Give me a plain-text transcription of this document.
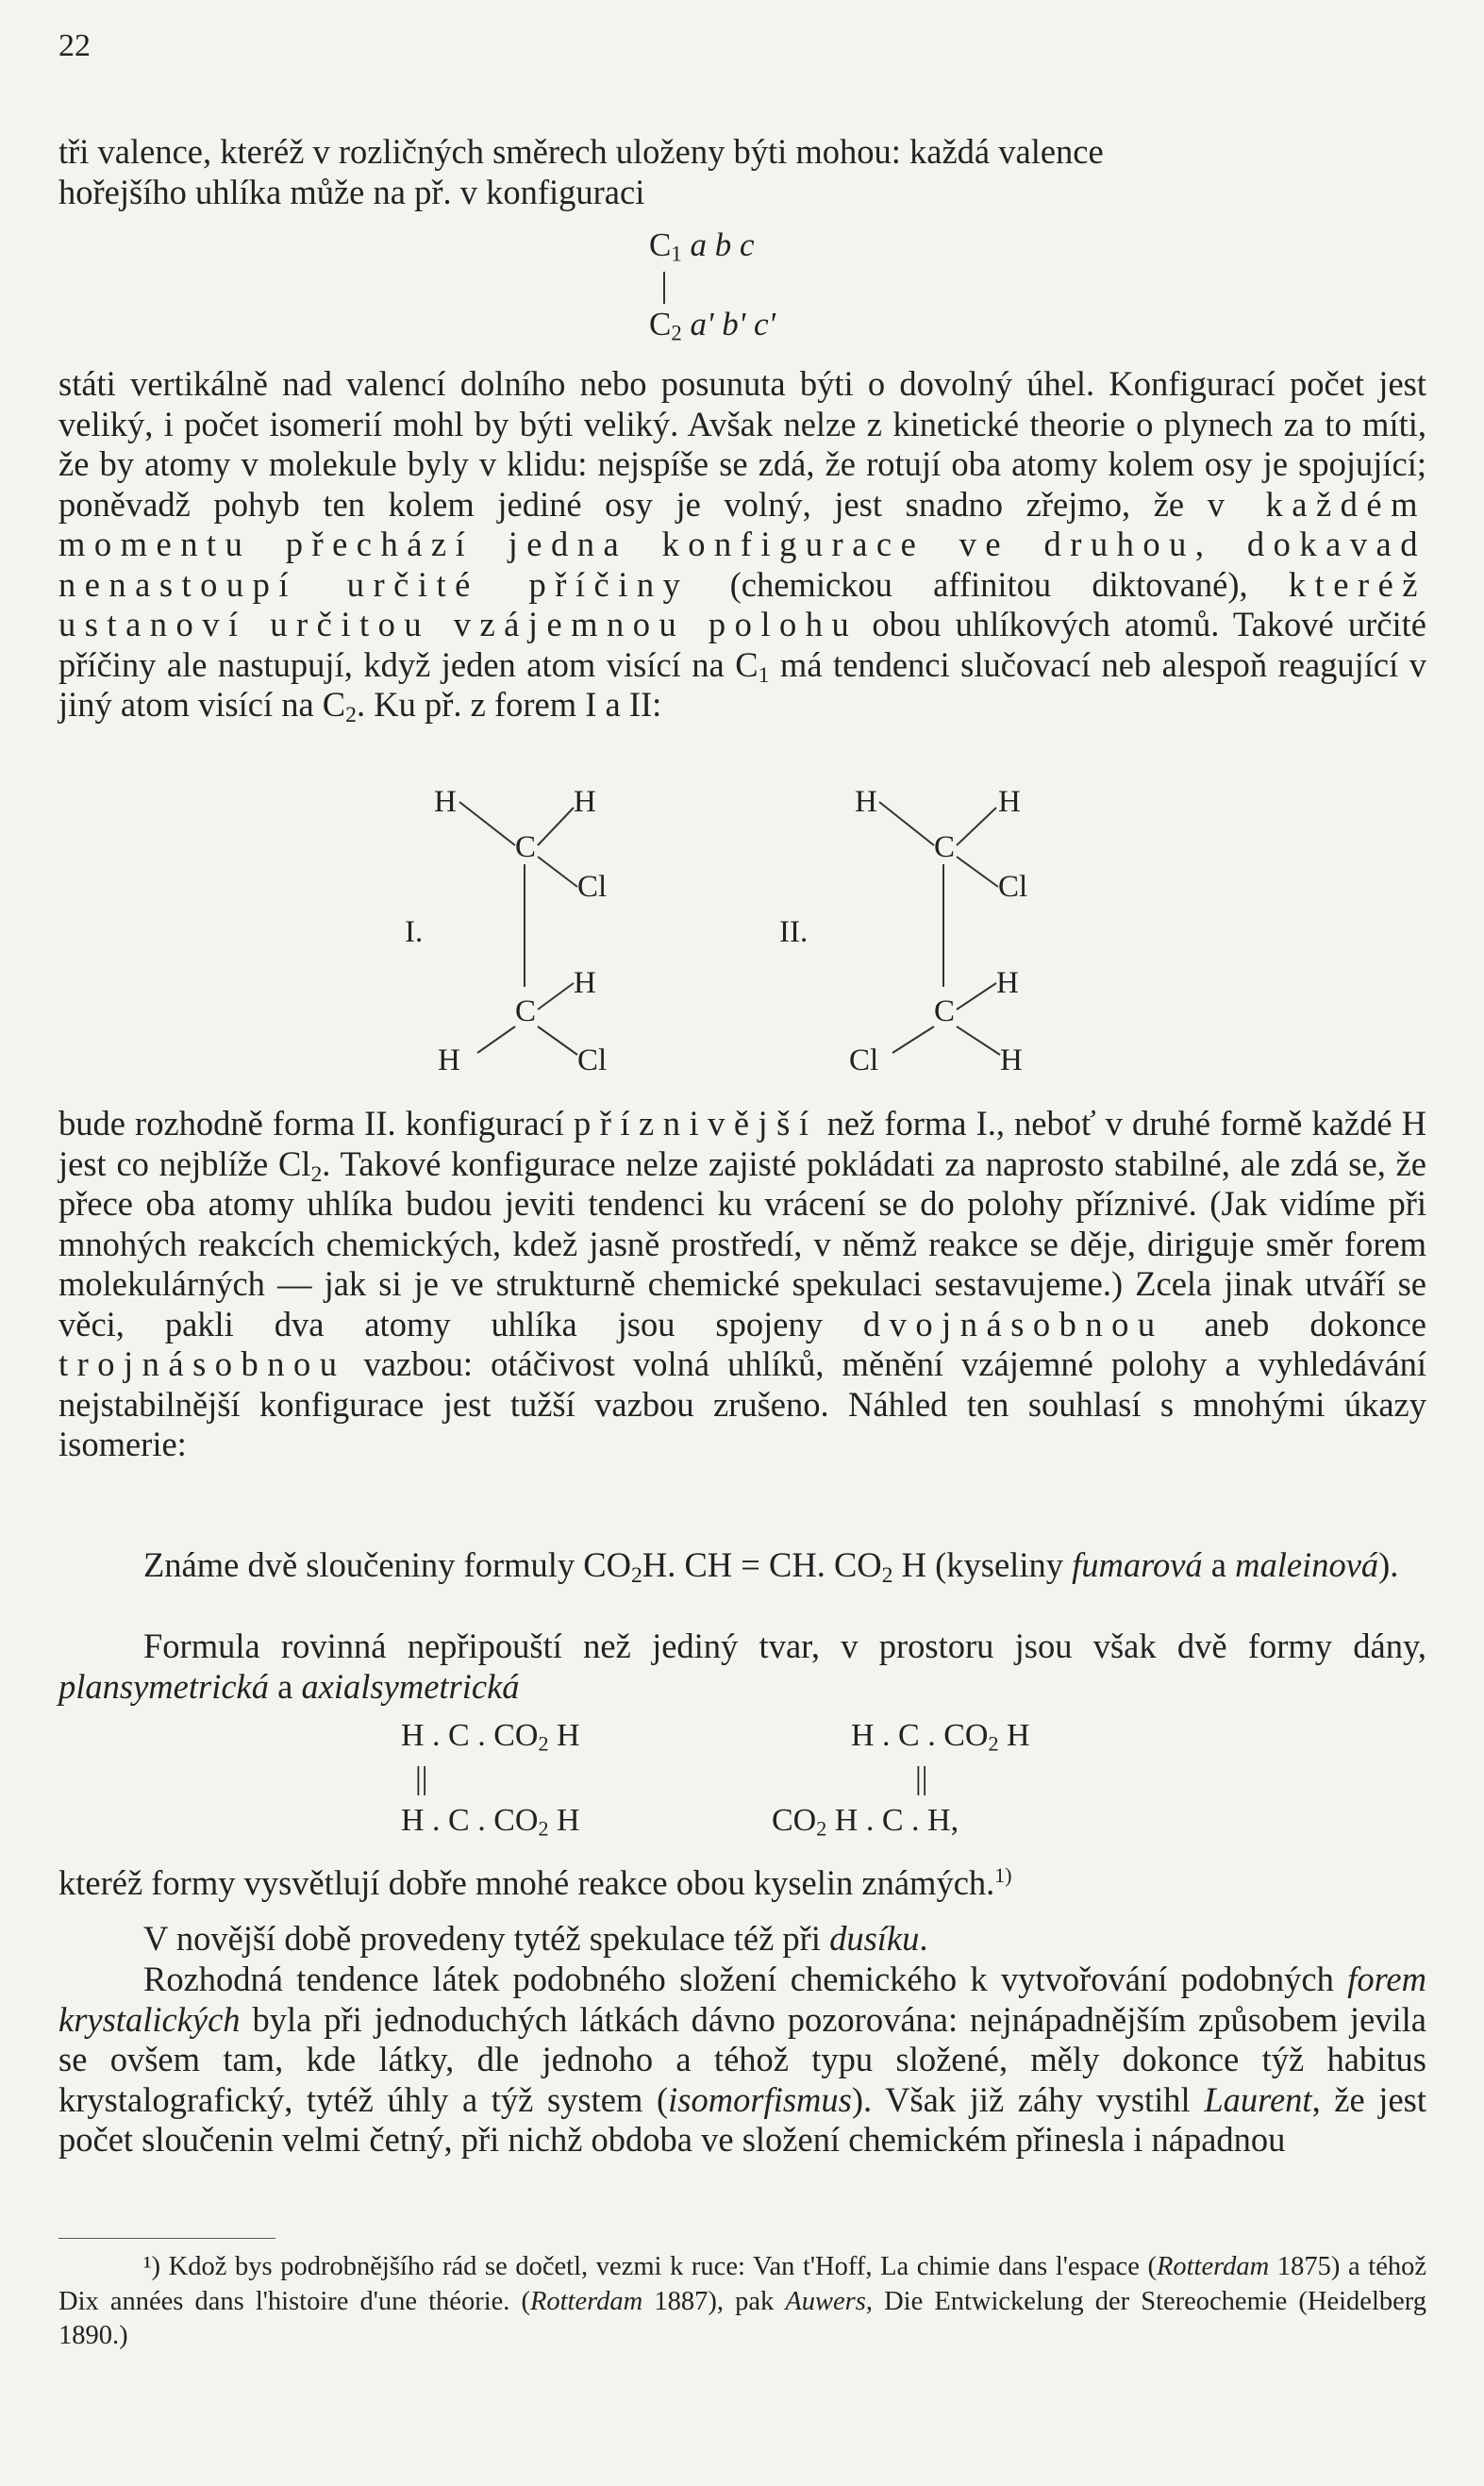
22
tři valence, kteréž v rozličných směrech uloženy býti mohou: každá valence
hořejšího uhlíka může na př. v konfiguraci
$C_1$ a b c
$C_2$ a' b' c'
státi vertikálně nad valencí dolního nebo posunuta býti o dovolný úhel. Konfigurací počet jest veliký, i počet isomerií mohl by býti veliký. Avšak nelze z kinetické theorie o plynech za to míti, že by atomy v molekule byly v klidu: nejspíše se zdá, že rotují oba atomy kolem osy je spojující; poněvadž pohyb ten kolem jediné osy je volný, jest snadno zřejmo, že v každém momentu přechází jedna konfigurace ve druhou, dokavad nenastoupí určité příčiny (chemickou affinitou diktované), kteréž ustanoví určitou vzájemnou polohu obou uhlíkových atomů. Takové určité příčiny ale nastupují, když jeden atom visící na $C_1$ má tendenci slučovací neb alespoň reagující v jiný atom visící na $C_2$. Ku př. z forem I a II:
I.
H	H
C
Cl
H
C
H	Cl
II.
H	H
C
Cl
H
C
Cl	H
bude rozhodně forma II. konfigurací příznivější než forma I., neboť v druhé formě každé H jest co nejblíže $Cl_2$. Takové konfigurace nelze zajisté pokládati za naprosto stabilné, ale zdá se, že přece oba atomy uhlíka budou jeviti tendenci ku vrácení se do polohy příznivé. (Jak vidíme při mnohých reakcích chemických, kdež jasně prostředí, v němž reakce se děje, diriguje směr forem molekulárných — jak si je ve strukturně chemické spekulaci sestavujeme.) Zcela jinak utváří se věci, pakli dva atomy uhlíka jsou spojeny dvojnásobnou aneb dokonce trojnásobnou vazbou: otáčivost volná uhlíků, měnění vzájemné polohy a vyhledávání nejstabilnější konfigurace jest tužší vazbou zrušeno. Náhled ten souhlasí s mnohými úkazy isomerie:
Známe dvě sloučeniny formuly $CO_2H$. CH = CH. $CO_2$ H (kyseliny fumarová a maleinová).
Formula rovinná nepřipouští než jediný tvar, v prostoru jsou však dvě formy dány, plansymetrická a axialsymetrická
H . C . $CO_2$ H
||
H . C . $CO_2$ H
H . C . $CO_2$ H
||
$CO_2$ H . C . H,
kteréž formy vysvětlují dobře mnohé reakce obou kyselin známých.$^{1)}$
V novější době provedeny tytéž spekulace též při dusíku.
Rozhodná tendence látek podobného složení chemického k vytvořování podobných forem krystalických byla při jednoduchých látkách dávno pozorována: nejnápadnějším způsobem jevila se ovšem tam, kde látky, dle jednoho a téhož typu složené, měly dokonce týž habitus krystalografický, tytéž úhly a týž system (isomorfismus). Však již záhy vystihl Laurent, že jest počet sloučenin velmi četný, při nichž obdoba ve složení chemickém přinesla i nápadnou
¹) Kdož bys podrobnějšího rád se dočetl, vezmi k ruce: Van t'Hoff, La chimie dans l'espace (Rotterdam 1875) a téhož Dix années dans l'histoire d'une théorie. (Rotterdam 1887), pak Auwers, Die Entwickelung der Stereochemie (Heidelberg 1890.)
